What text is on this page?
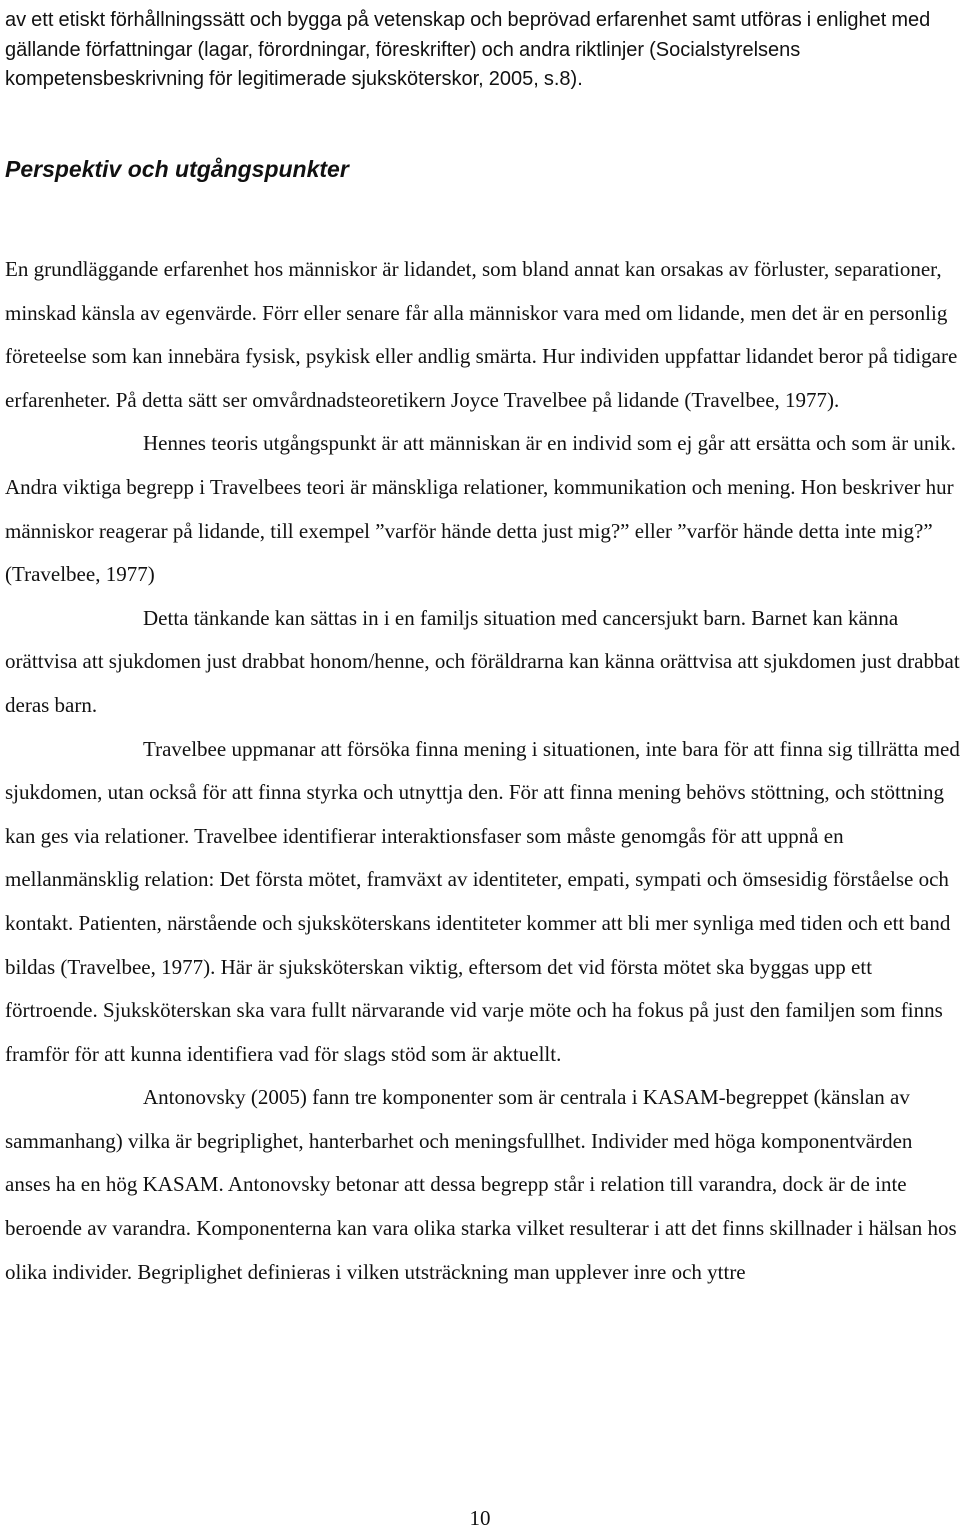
av ett etiskt förhållningssätt och bygga på vetenskap och beprövad erfarenhet samt utföras i enlighet med gällande författningar (lagar, förordningar, föreskrifter) och andra riktlinjer (Socialstyrelsens kompetensbeskrivning för legitimerade sjuksköterskor, 2005, s.8).

Perspektiv och utgångspunkter

En grundläggande erfarenhet hos människor är lidandet, som bland annat kan orsakas av förluster, separationer, minskad känsla av egenvärde. Förr eller senare får alla människor vara med om lidande, men det är en personlig företeelse som kan innebära fysisk, psykisk eller andlig smärta. Hur individen uppfattar lidandet beror på tidigare erfarenheter. På detta sätt ser omvårdnadsteoretikern Joyce Travelbee på lidande (Travelbee, 1977).

Hennes teoris utgångspunkt är att människan är en individ som ej går att ersätta och som är unik. Andra viktiga begrepp i Travelbees teori är mänskliga relationer, kommunikation och mening. Hon beskriver hur människor reagerar på lidande, till exempel ”varför hände detta just mig?” eller ”varför hände detta inte mig?” (Travelbee, 1977)

Detta tänkande kan sättas in i en familjs situation med cancersjukt barn. Barnet kan känna orättvisa att sjukdomen just drabbat honom/henne, och föräldrarna kan känna orättvisa att sjukdomen just drabbat deras barn.

Travelbee uppmanar att försöka finna mening i situationen, inte bara för att finna sig tillrätta med sjukdomen, utan också för att finna styrka och utnyttja den. För att finna mening behövs stöttning, och stöttning kan ges via relationer. Travelbee identifierar interaktionsfaser som måste genomgås för att uppnå en mellanmänsklig relation: Det första mötet, framväxt av identiteter, empati, sympati och ömsesidig förståelse och kontakt. Patienten, närstående och sjuksköterskans identiteter kommer att bli mer synliga med tiden och ett band bildas (Travelbee, 1977). Här är sjuksköterskan viktig, eftersom det vid första mötet ska byggas upp ett förtroende. Sjuksköterskan ska vara fullt närvarande vid varje möte och ha fokus på just den familjen som finns framför för att kunna identifiera vad för slags stöd som är aktuellt.

Antonovsky (2005) fann tre komponenter som är centrala i KASAM-begreppet (känslan av sammanhang) vilka är begriplighet, hanterbarhet och meningsfullhet. Individer med höga komponentvärden anses ha en hög KASAM. Antonovsky betonar att dessa begrepp står i relation till varandra, dock är de inte beroende av varandra. Komponenterna kan vara olika starka vilket resulterar i att det finns skillnader i hälsan hos olika individer. Begriplighet definieras i vilken utsträckning man upplever inre och yttre

10
